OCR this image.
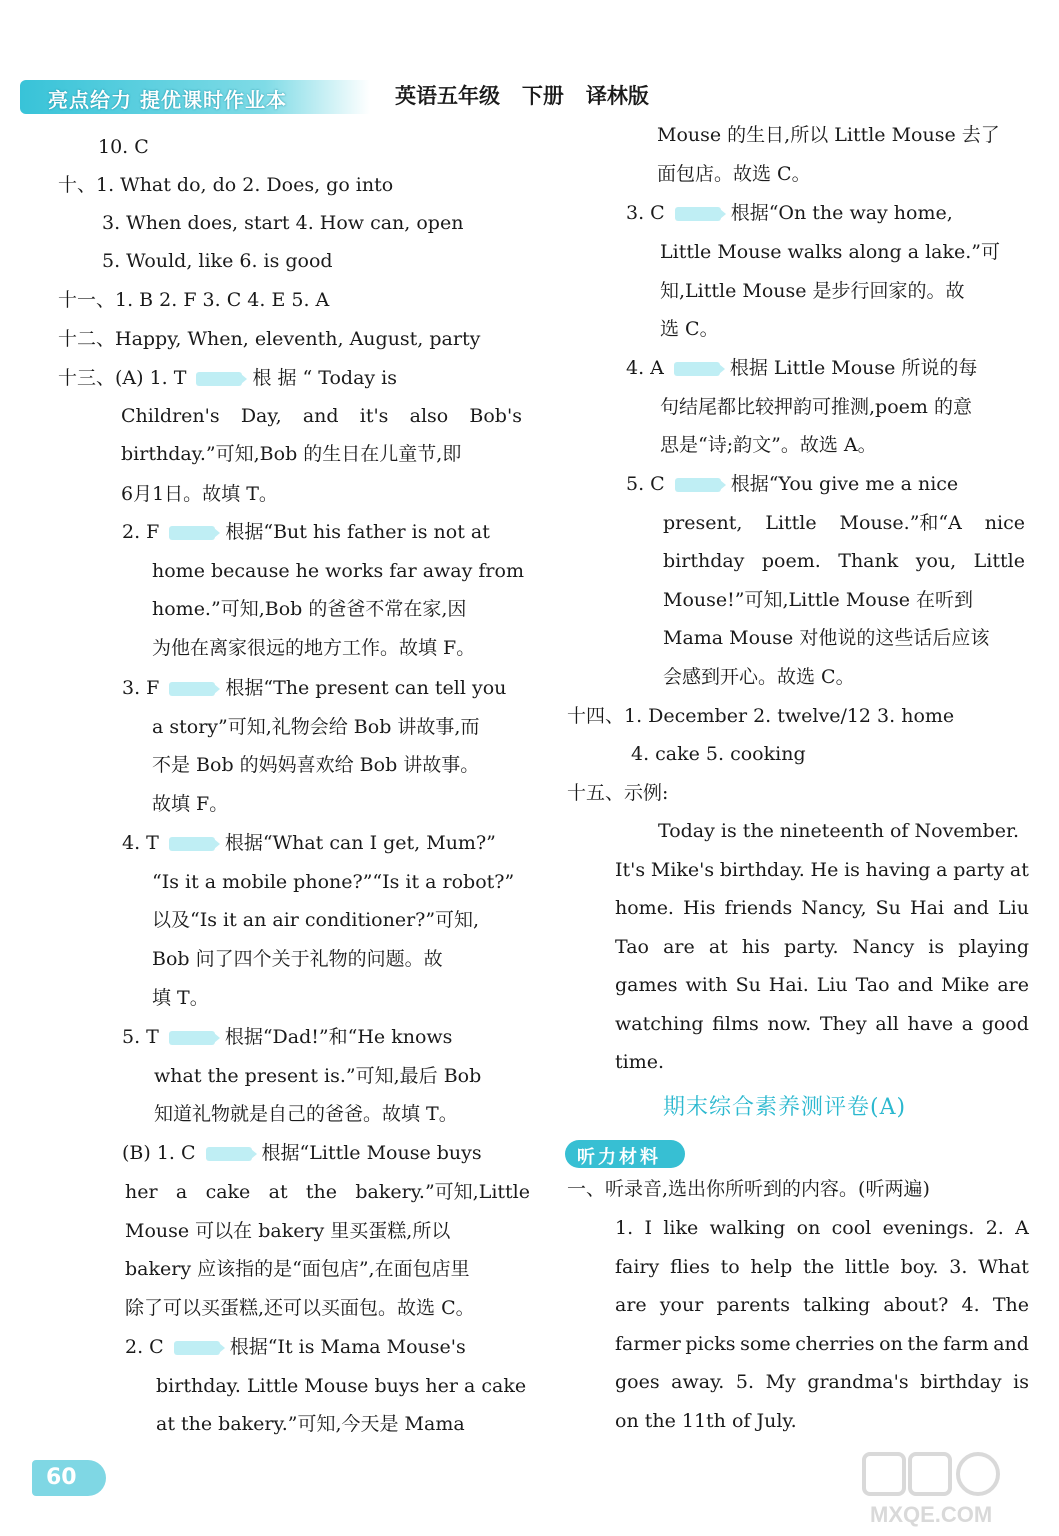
亮点给力 提优课时作业本	英语五年级   下册   译林版
10. C
十、1. What do, do 2. Does, go into
3. When does, start 4. How can, open
5. Would, like 6. is good
十一、1. B 2. F 3. C 4. E 5. A
十二、Happy, When, eleventh, August, party
十三、(A) 1. T	根 据 “ Today is
Children's Day, and it's also Bob's
birthday.”可知,Bob 的生日在儿童节,即
6月1日。故填 T。
2. F	根据“But his father is not at
home because he works far away from
home.”可知,Bob 的爸爸不常在家,因
为他在离家很远的地方工作。故填 F。
3. F	根据“The present can tell you
a story”可知,礼物会给 Bob 讲故事,而
不是 Bob 的妈妈喜欢给 Bob 讲故事。
故填 F。
4. T	根据“What can I get, Mum?”
“Is it a mobile phone?”“Is it a robot?”
以及“Is it an air conditioner?”可知,
Bob 问了四个关于礼物的问题。故
填 T。
5. T	根据“Dad!”和“He knows
what the present is.”可知,最后 Bob
知道礼物就是自己的爸爸。故填 T。
(B) 1. C	根据“Little Mouse buys
her a cake at the bakery.”可知,Little
Mouse 可以在 bakery 里买蛋糕,所以
bakery 应该指的是“面包店”,在面包店里
除了可以买蛋糕,还可以买面包。故选 C。
2. C	根据“It is Mama Mouse's
birthday. Little Mouse buys her a cake
at the bakery.”可知,今天是 Mama
Mouse 的生日,所以 Little Mouse 去了
面包店。故选 C。
3. C	根据“On the way home,
Little Mouse walks along a lake.”可
知,Little Mouse 是步行回家的。故
选 C。
4. A	根据 Little Mouse 所说的每
句结尾都比较押韵可推测,poem 的意
思是“诗;韵文”。故选 A。
5. C	根据“You give me a nice
present, Little Mouse.”和“A nice
birthday poem. Thank you, Little
Mouse!”可知,Little Mouse 在听到
Mama Mouse 对他说的这些话后应该
会感到开心。故选 C。
十四、1. December 2. twelve/12 3. home
4. cake 5. cooking
十五、示例:
Today is the nineteenth of November.
It's Mike's birthday. He is having a party at
home. His friends Nancy, Su Hai and Liu
Tao are at his party. Nancy is playing
games with Su Hai. Liu Tao and Mike are
watching films now. They all have a good
time.
期末综合素养测评卷(A)
听力材料
一、听录音,选出你所听到的内容。(听两遍)
1. I like walking on cool evenings. 2. A
fairy flies to help the little boy. 3. What
are your parents talking about? 4. The
farmer picks some cherries on the farm and
goes away. 5. My grandma's birthday is
on the 11th of July.
60
MXQE.COM
